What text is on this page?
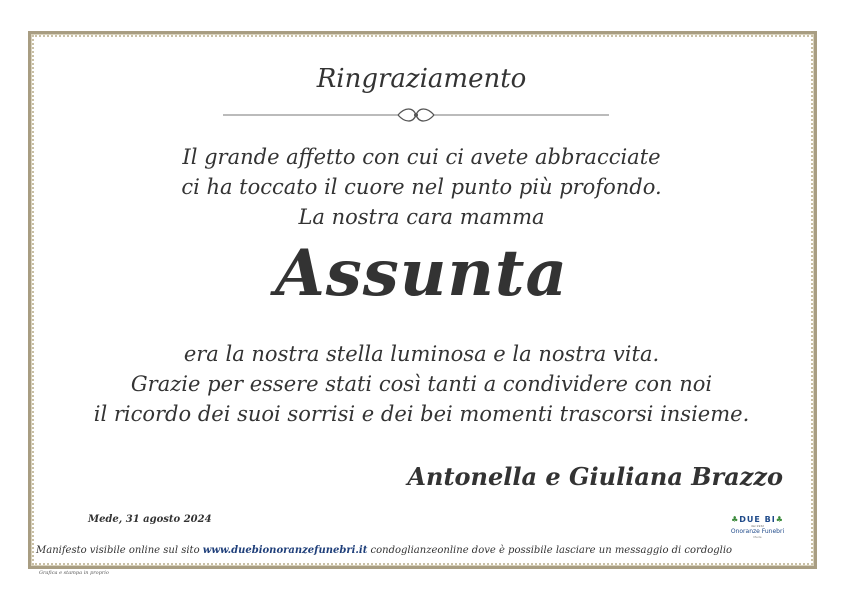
Ringraziamento
Il grande affetto con cui ci avete abbracciate
ci ha toccato il cuore nel punto più profondo.
La nostra cara mamma
Assunta
era la nostra stella luminosa e la nostra vita.
Grazie per essere stati così tanti a condividere con noi
il ricordo dei suoi sorrisi e dei bei momenti trascorsi insieme.
Antonella e Giuliana Brazzo
Mede, 31 agosto 2024
Manifesto visibile online sul sito www.duebionoranzefunebri.it condoglianzeonline dove è possibile lasciare un messaggio di cordoglio
Grafica e stampa in proprio
♣DUE BI♣
dal 1932
Onoranze Funebri
Mede
